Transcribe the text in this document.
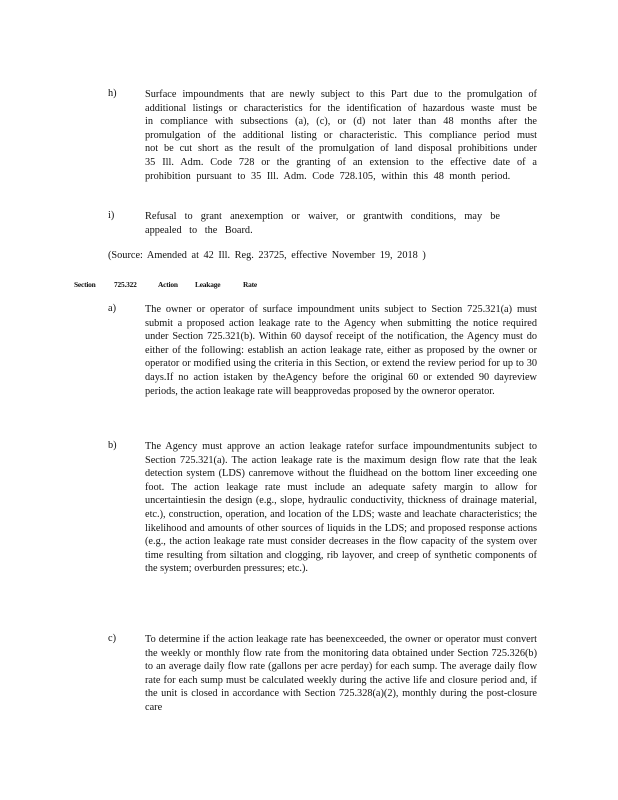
h)	Surface impoundments that are newly subject to this Part due to the promulgation of additional listings or characteristics for the identification of hazardous waste must be in compliance with subsections (a), (c), or (d) not later than 48 months after the promulgation of the additional listing or characteristic. This compliance period must not be cut short as the result of the promulgation of land disposal prohibitions under 35 Ill. Adm. Code 728 or the granting of an extension to the effective date of a prohibition pursuant to 35 Ill. Adm. Code 728.105, within this 48 month period.
i)	Refusal to grant anexemption or waiver, or grantwith conditions, may be appealed to the Board.
(Source: Amended at 42 Ill. Reg. 23725, effective November 19, 2018 )
Section 725.322	Action Leakage	Rate
a)	The owner or operator of surface impoundment units subject to Section 725.321(a) must submit a proposed action leakage rate to the Agency when submitting the notice required under Section 725.321(b). Within 60 daysof receipt of the notification, the Agency must do either of the following: establish an action leakage rate, either as proposed by the owner or operator or modified using the criteria in this Section, or extend the review period for up to 30 days.If no action istaken by theAgency before the original 60 or extended 90 dayreview periods, the action leakage rate will beapprovedas proposed by the owneror operator.
b)	The Agency must approve an action leakage ratefor surface impoundmentunits subject to Section 725.321(a). The action leakage rate is the maximum design flow rate that the leak detection system (LDS) canremove without the fluidhead on the bottom liner exceeding one foot. The action leakage rate must include an adequate safety margin to allow for uncertaintiesin the design (e.g., slope, hydraulic conductivity, thickness of drainage material, etc.), construction, operation, and location of the LDS; waste and leachate characteristics; the likelihood and amounts of other sources of liquids in the LDS; and proposed response actions (e.g., the action leakage rate must consider decreases in the flow capacity of the system over time resulting from siltation and clogging, rib layover, and creep of synthetic components of the system; overburden pressures; etc.).
c)	To determine if the action leakage rate has beenexceeded, the owner or operator must convert the weekly or monthly flow rate from the monitoring data obtained under Section 725.326(b) to an average daily flow rate (gallons per acre perday) for each sump. The average daily flow rate for each sump must be calculated weekly during the active life and closure period and, if the unit is closed in accordance with Section 725.328(a)(2), monthly during the post-closure care
